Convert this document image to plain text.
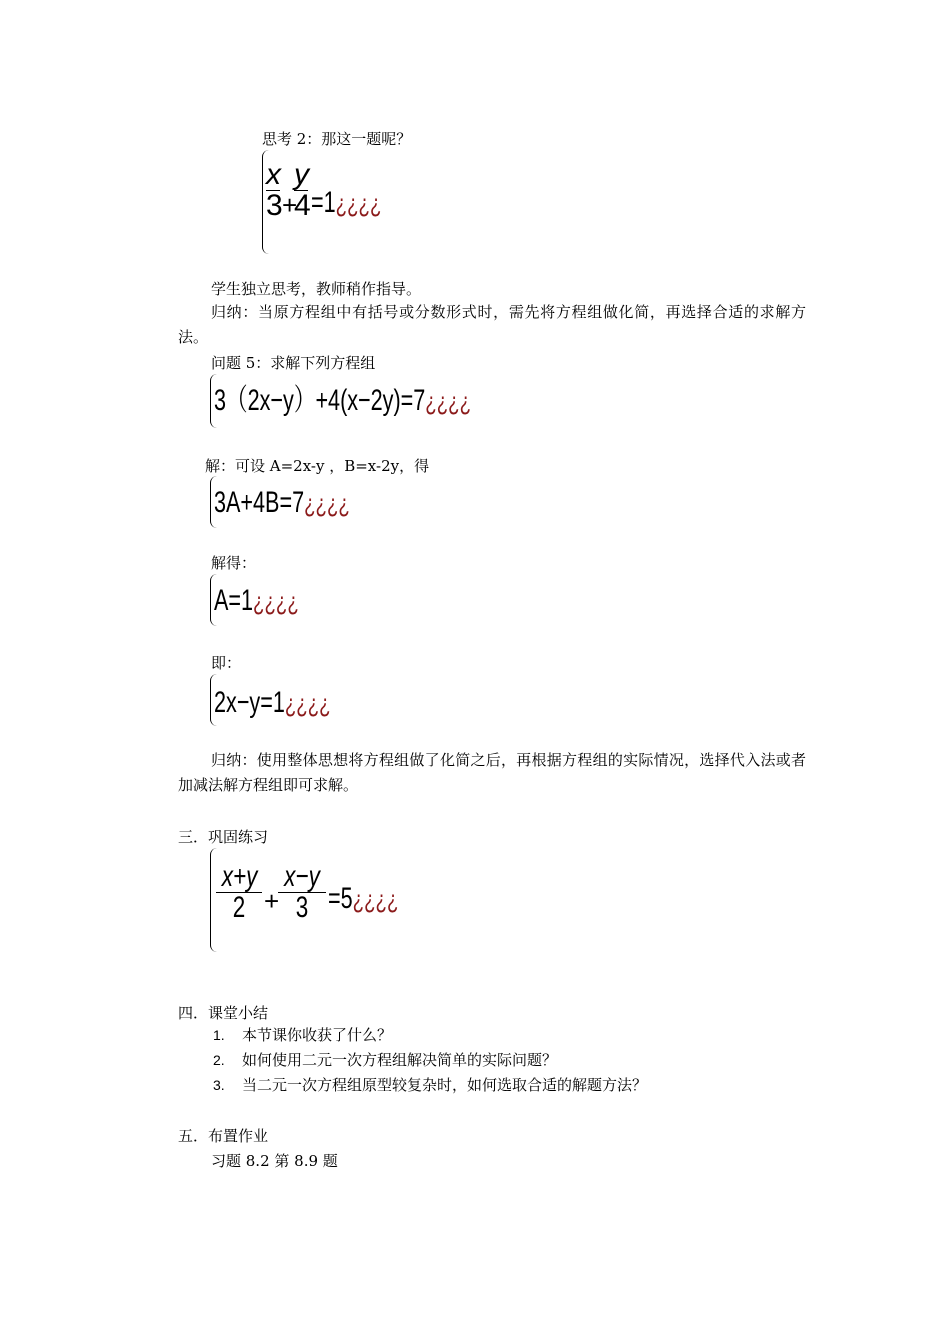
思考 2：那这一题呢？
x
3 +
y
4 =1¿¿¿¿
学生独立思考，教师稍作指导。
归纳：当原方程组中有括号或分数形式时，需先将方程组做化简，再选择合适的求解方法。
问题 5：求解下列方程组
3（2x−y）+4(x−2y)=7¿¿¿¿
解：可设 A=2x-y ，B=x-2y，得
3A+4B=7¿¿¿¿
解得：
A=1¿¿¿¿
即：
2x−y=1¿¿¿¿
归纳：使用整体思想将方程组做了化简之后，再根据方程组的实际情况，选择代入法或者加减法解方程组即可求解。
三．巩固练习
x+y
2 +
x−y
3 =5¿¿¿¿
四．课堂小结
1. 本节课你收获了什么？
2. 如何使用二元一次方程组解决简单的实际问题？
3. 当二元一次方程组原型较复杂时，如何选取合适的解题方法？
五．布置作业
习题 8.2 第 8.9 题
